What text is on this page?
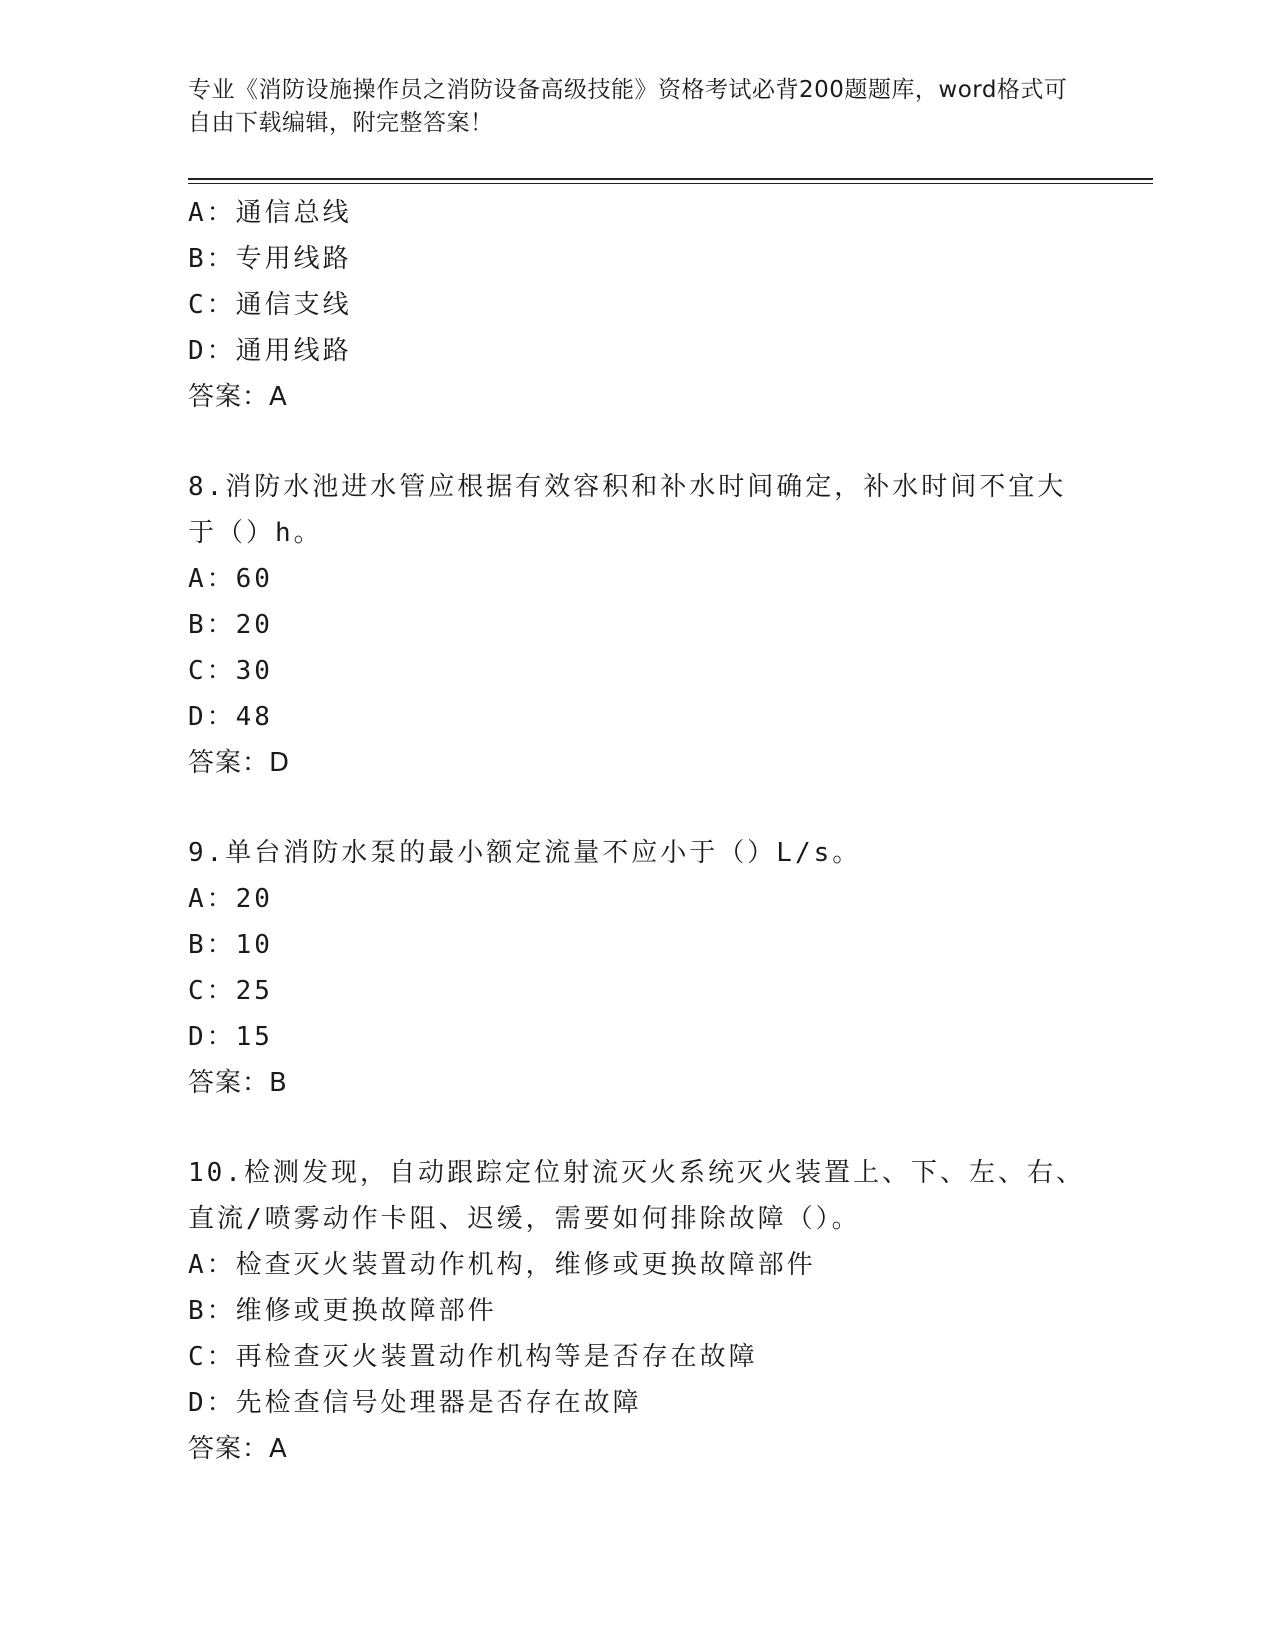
专业《消防设施操作员之消防设备高级技能》资格考试必背200题题库，word格式可自由下载编辑，附完整答案！
A：通信总线
B：专用线路
C：通信支线
D：通用线路
答案：A
8.消防水池进水管应根据有效容积和补水时间确定，补水时间不宜大于（）h。
A：60
B：20
C：30
D：48
答案：D
9.单台消防水泵的最小额定流量不应小于（）L/s。
A：20
B：10
C：25
D：15
答案：B
10.检测发现，自动跟踪定位射流灭火系统灭火装置上、下、左、右、直流/喷雾动作卡阻、迟缓，需要如何排除故障（）。
A：检查灭火装置动作机构，维修或更换故障部件
B：维修或更换故障部件
C：再检查灭火装置动作机构等是否存在故障
D：先检查信号处理器是否存在故障
答案：A
